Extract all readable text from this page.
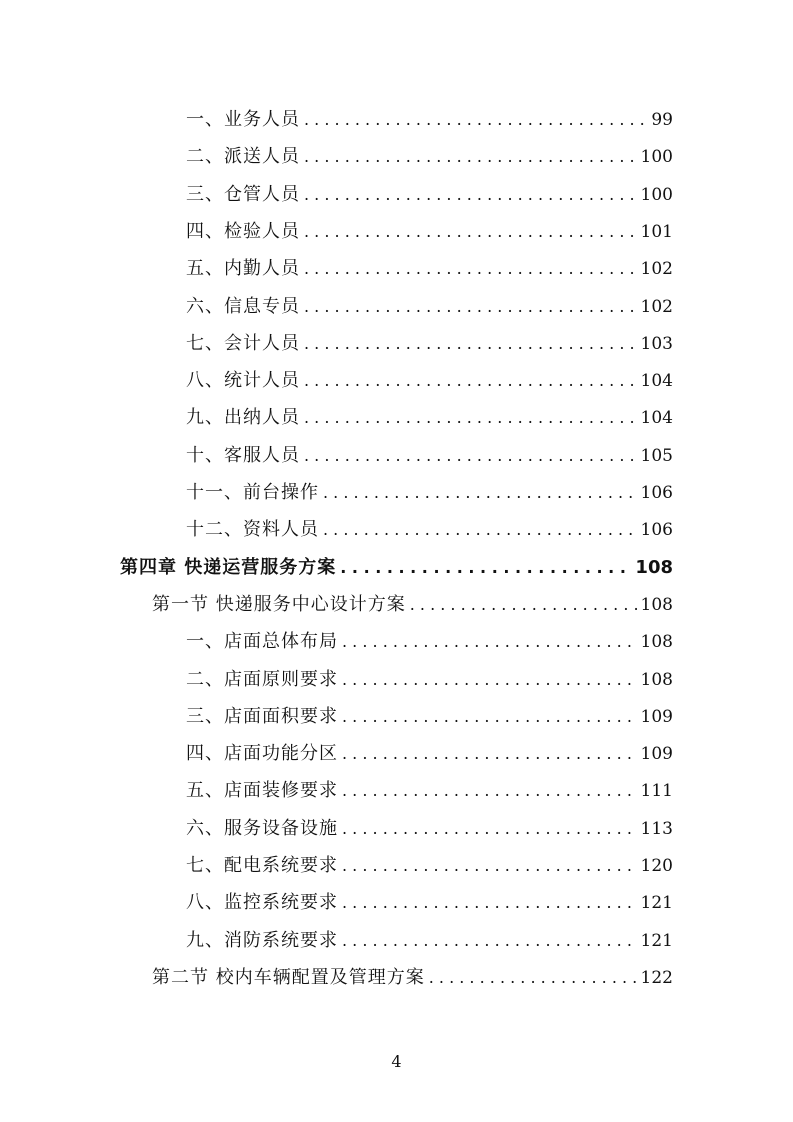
一、业务人员 . . .	99
二、派送人员 . . .	100
三、仓管人员 . . .	100
四、检验人员 . . .	101
五、内勤人员 . . .	102
六、信息专员 . . .	102
七、会计人员 . . .	103
八、统计人员 . . .	104
九、出纳人员 . . .	104
十、客服人员 . . .	105
十一、前台操作 . . .	106
十二、资料人员 . . .	106
第四章 快递运营服务方案 . . .	108
第一节 快递服务中心设计方案 . . .	108
一、店面总体布局 . . .	108
二、店面原则要求 . . .	108
三、店面面积要求 . . .	109
四、店面功能分区 . . .	109
五、店面装修要求 . . .	111
六、服务设备设施 . . .	113
七、配电系统要求 . . .	120
八、监控系统要求 . . .	121
九、消防系统要求 . . .	121
第二节 校内车辆配置及管理方案 . . .	122
4
